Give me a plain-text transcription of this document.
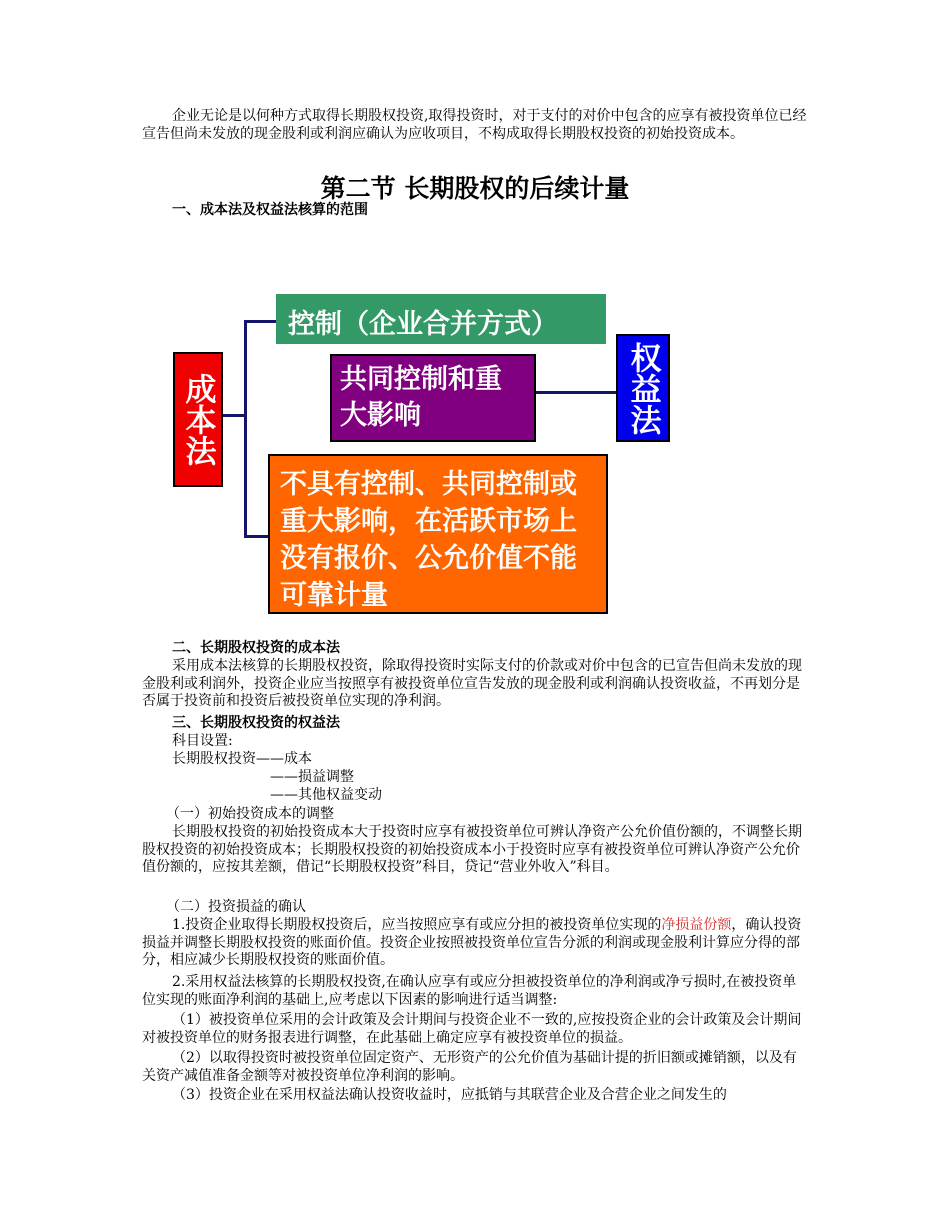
企业无论是以何种方式取得长期股权投资,取得投资时，对于支付的对价中包含的应享有被投资单位已经宣告但尚未发放的现金股利或利润应确认为应收项目，不构成取得长期股权投资的初始投资成本。

第二节 长期股权的后续计量
一、成本法及权益法核算的范围
成本法
控制（企业合并方式）
共同控制和重大影响	权益法
不具有控制、共同控制或重大影响，在活跃市场上没有报价、公允价值不能可靠计量
二、长期股权投资的成本法

采用成本法核算的长期股权投资，除取得投资时实际支付的价款或对价中包含的已宣告但尚未发放的现金股利或利润外，投资企业应当按照享有被投资单位宣告发放的现金股利或利润确认投资收益，不再划分是否属于投资前和投资后被投资单位实现的净利润。

三、长期股权投资的权益法
科目设置:
长期股权投资——成本
——损益调整
——其他权益变动
（一）初始投资成本的调整

长期股权投资的初始投资成本大于投资时应享有被投资单位可辨认净资产公允价值份额的，不调整长期股权投资的初始投资成本；长期股权投资的初始投资成本小于投资时应享有被投资单位可辨认净资产公允价值份额的，应按其差额，借记“长期股权投资”科目，贷记“营业外收入”科目。

（二）投资损益的确认

1.投资企业取得长期股权投资后，应当按照应享有或应分担的被投资单位实现的净损益份额，确认投资损益并调整长期股权投资的账面价值。投资企业按照被投资单位宣告分派的利润或现金股利计算应分得的部分，相应减少长期股权投资的账面价值。

2.采用权益法核算的长期股权投资,在确认应享有或应分担被投资单位的净利润或净亏损时,在被投资单位实现的账面净利润的基础上,应考虑以下因素的影响进行适当调整:

（1）被投资单位采用的会计政策及会计期间与投资企业不一致的,应按投资企业的会计政策及会计期间对被投资单位的财务报表进行调整，在此基础上确定应享有被投资单位的损益。

（2）以取得投资时被投资单位固定资产、无形资产的公允价值为基础计提的折旧额或摊销额，以及有关资产减值准备金额等对被投资单位净利润的影响。

（3）投资企业在采用权益法确认投资收益时，应抵销与其联营企业及合营企业之间发生的
